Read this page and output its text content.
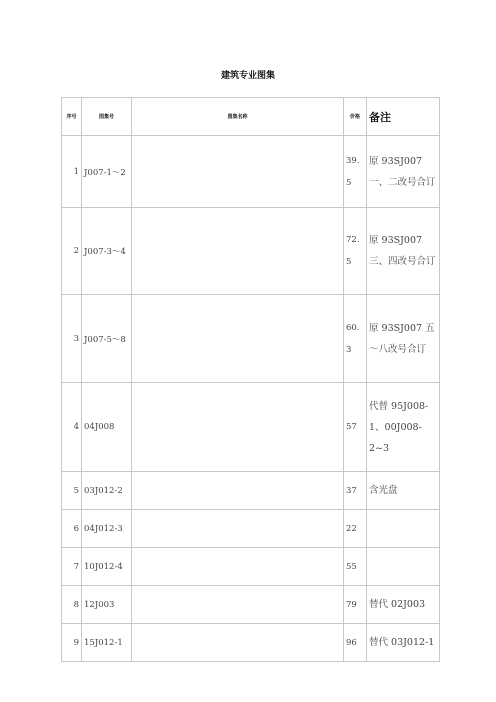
建筑专业图集
序号	图集号	图集名称	价格	备注
1	J007-1～2		39.5	原 93SJ007 一、二改号合订
2	J007-3～4		72.5	原 93SJ007 三、四改号合订
3	J007-5～8		60.3	原 93SJ007 五～八改号合订
4	04J008		57	代替 95J008-1、00J008-2~3
5	03J012-2		37	含光盘
6	04J012-3		22	
7	10J012-4		55	
8	12J003		79	替代 02J003
9	15J012-1		96	替代 03J012-1
